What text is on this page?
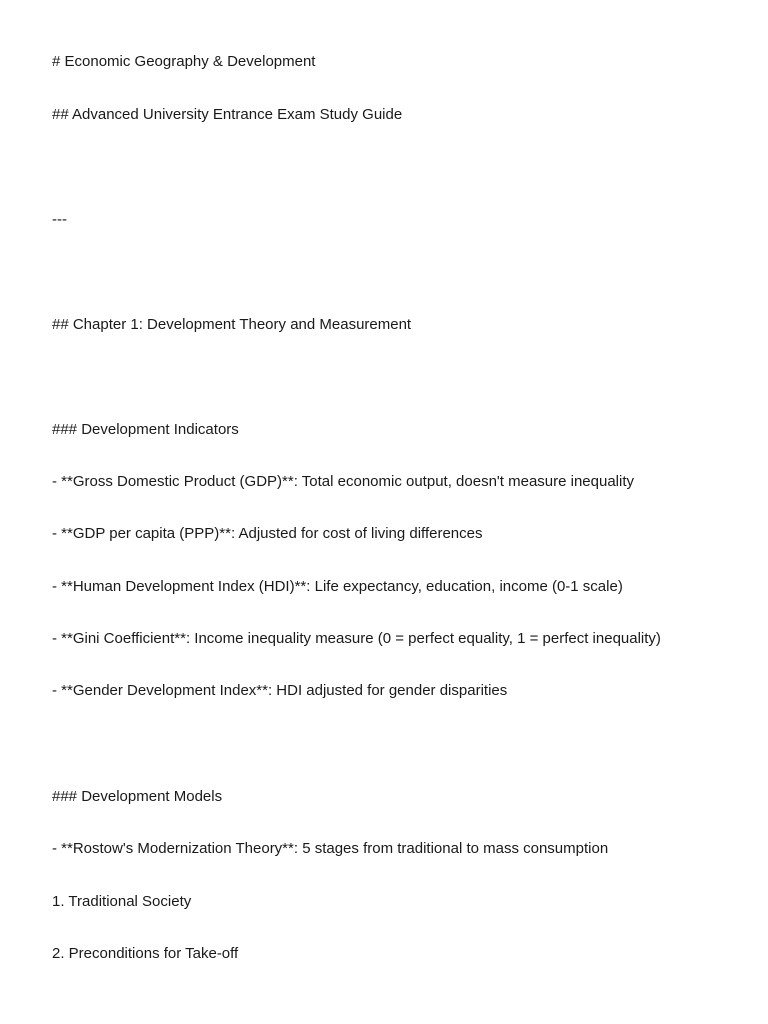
# Economic Geography & Development
## Advanced University Entrance Exam Study Guide
---
## Chapter 1: Development Theory and Measurement
### Development Indicators
- **Gross Domestic Product (GDP)**: Total economic output, doesn't measure inequality
- **GDP per capita (PPP)**: Adjusted for cost of living differences
- **Human Development Index (HDI)**: Life expectancy, education, income (0-1 scale)
- **Gini Coefficient**: Income inequality measure (0 = perfect equality, 1 = perfect inequality)
- **Gender Development Index**: HDI adjusted for gender disparities
### Development Models
- **Rostow's Modernization Theory**: 5 stages from traditional to mass consumption
1. Traditional Society
2. Preconditions for Take-off
